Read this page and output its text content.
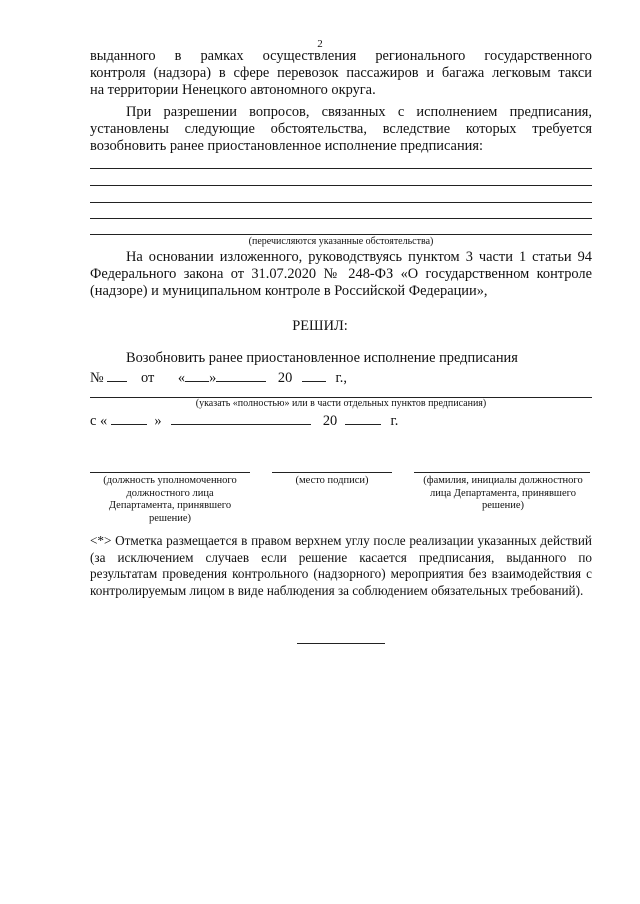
2
выданного в рамках осуществления регионального государственного
контроля (надзора) в сфере перевозок пассажиров и багажа легковым такси
на территории Ненецкого автономного округа.

При разрешении вопросов, связанных с исполнением предписания, установлены следующие обстоятельства, вследствие которых требуется возобновить ранее приостановленное исполнение предписания:

(перечисляются указанные обстоятельства)

На основании изложенного, руководствуясь пунктом 3 части 1 статьи 94 Федерального закона от 31.07.2020 № 248-ФЗ «О государственном контроле (надзоре) и муниципальном контроле в Российской Федерации»,

РЕШИЛ:
Возобновить ранее приостановленное исполнение предписания
№	от « »	20	г.,
(указать «полностью» или в части отдельных пунктов предписания)
с «	»	20	г.
(должность уполномоченного должностного лица Департамента, принявшего решение)
(место подписи)	(фамилия, инициалы должностного лица Департамента, принявшего решение)

<*> Отметка размещается в правом верхнем углу после реализации указанных действий (за исключением случаев если решение касается предписания, выданного по результатам проведения контрольного (надзорного) мероприятия без взаимодействия с контролируемым лицом в виде наблюдения за соблюдением обязательных требований).
